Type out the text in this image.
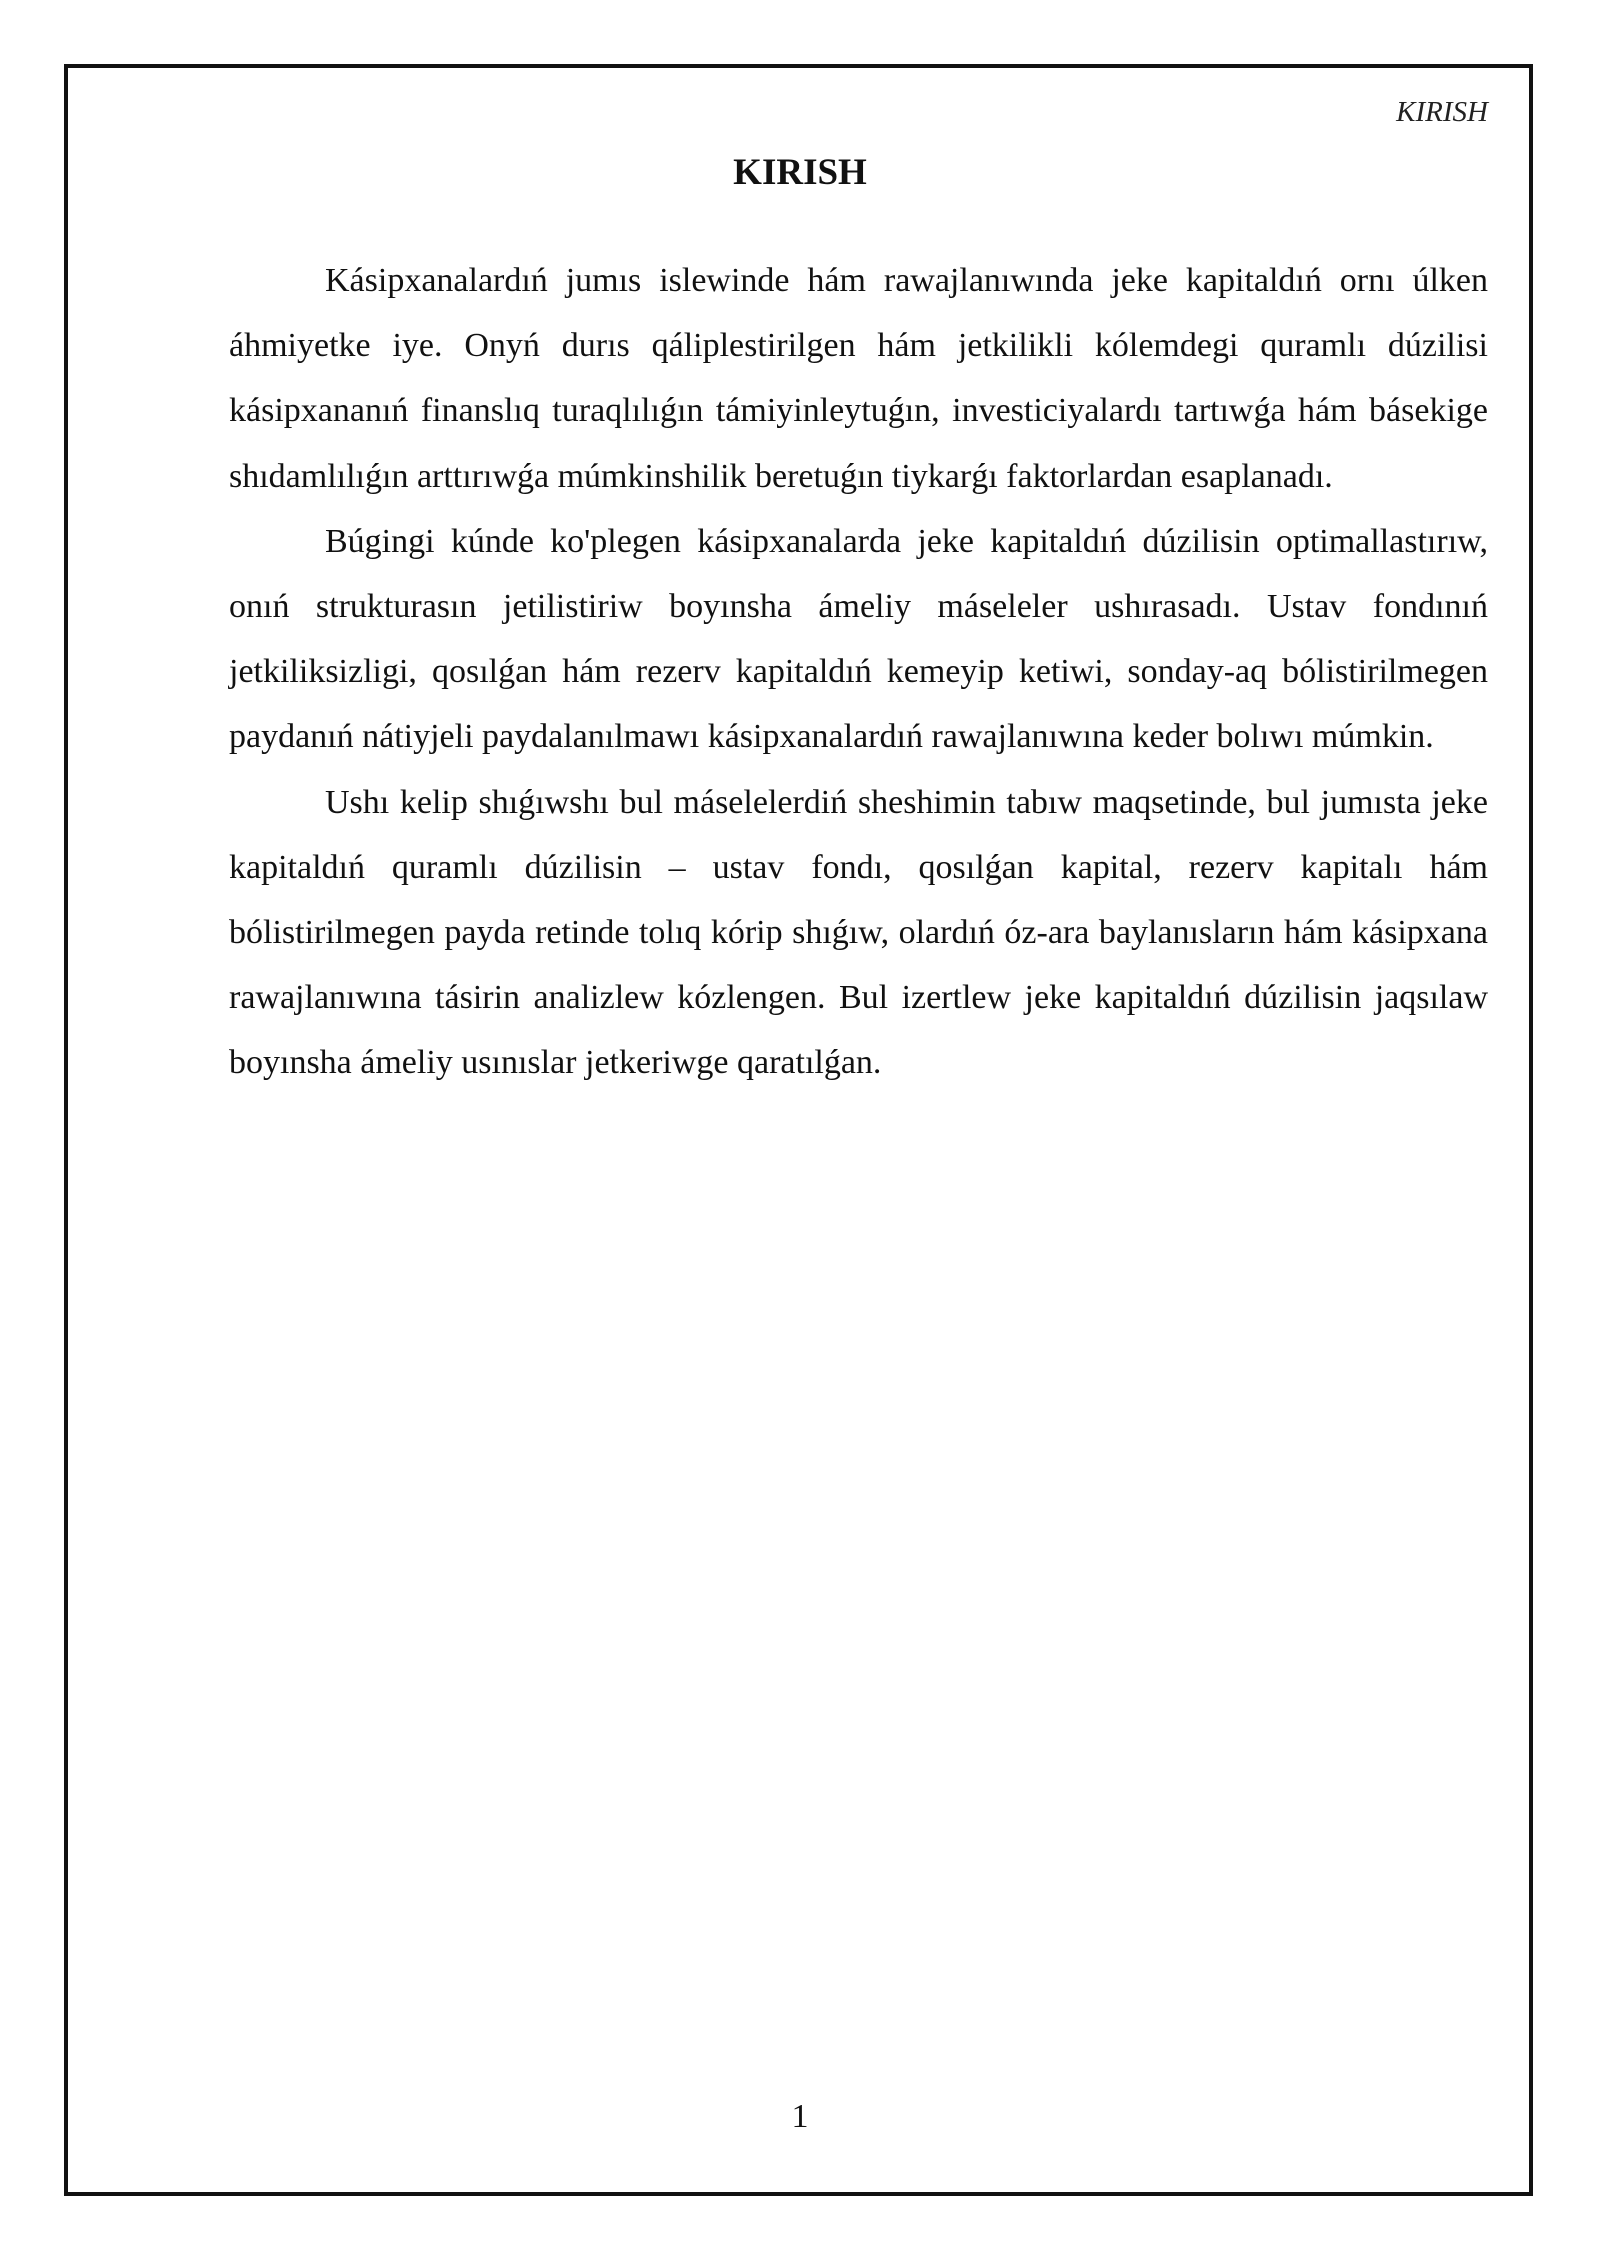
KIRISH
KIRISH

Kásipxanalardıń jumıs islewinde hám rawajlanıwında jeke kapitaldıń ornı úlken áhmiyetke iye. Onyń durıs qáliplestirilgen hám jetkilikli kólemdegi quramlı dúzilisi kásipxananıń finanslıq turaqlılıǵın támiyinleytuǵın, investiciyalardı tartıwǵa hám básekige shıdamlılıǵın arttırıwǵa múmkinshilik beretuǵın tiykarǵı faktorlardan esaplanadı.

Búgingi kúnde ko'plegen kásipxanalarda jeke kapitaldıń dúzilisin optimallastırıw, onıń strukturasın jetilistiriw boyınsha ámeliy máseleler ushırasadı. Ustav fondınıń jetkiliksizligi, qosılǵan hám rezerv kapitaldıń kemeyip ketiwi, sonday-aq bólistirilmegen paydanıń nátiyjeli paydalanılmawı kásipxanalardıń rawajlanıwına keder bolıwı múmkin.

Ushı kelip shıǵıwshı bul máselelerdiń sheshimin tabıw maqsetinde, bul jumısta jeke kapitaldıń quramlı dúzilisin – ustav fondı, qosılǵan kapital, rezerv kapitalı hám bólistirilmegen payda retinde tolıq kórip shıǵıw, olardıń óz-ara baylanısların hám kásipxana rawajlanıwına tásirin analizlew kózlengen. Bul izertlew jeke kapitaldıń dúzilisin jaqsılaw boyınsha ámeliy usınıslar jetkeriwge qaratılǵan.

1
